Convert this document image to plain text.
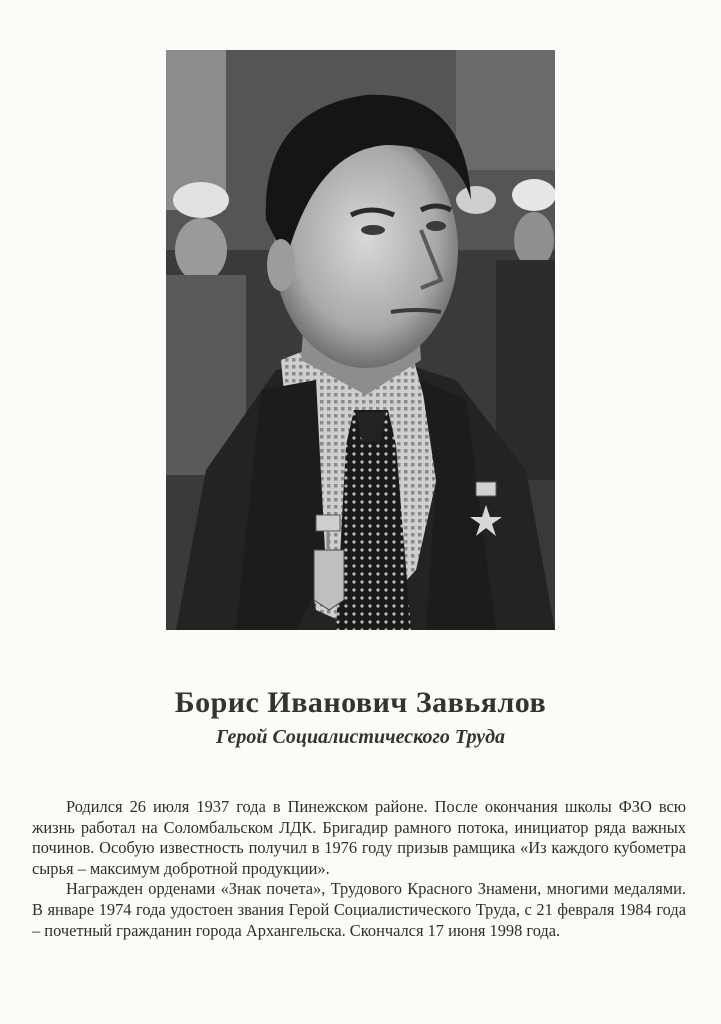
Борис Иванович Завьялов
Герой Социалистического Труда

Родился 26 июля 1937 года в Пинежском районе. После окончания школы ФЗО всю жизнь работал на Соломбальском ЛДК. Бригадир рамного потока, инициатор ряда важных починов. Особую известность получил в 1976 году призыв рамщика «Из каждого кубометра сырья – максимум добротной продукции».

Награжден орденами «Знак почета», Трудового Красного Знамени, многими медалями. В январе 1974 года удостоен звания Герой Социалистического Труда, с 21 февраля 1984 года – почетный гражданин города Архангельска. Скончался 17 июня 1998 года.
